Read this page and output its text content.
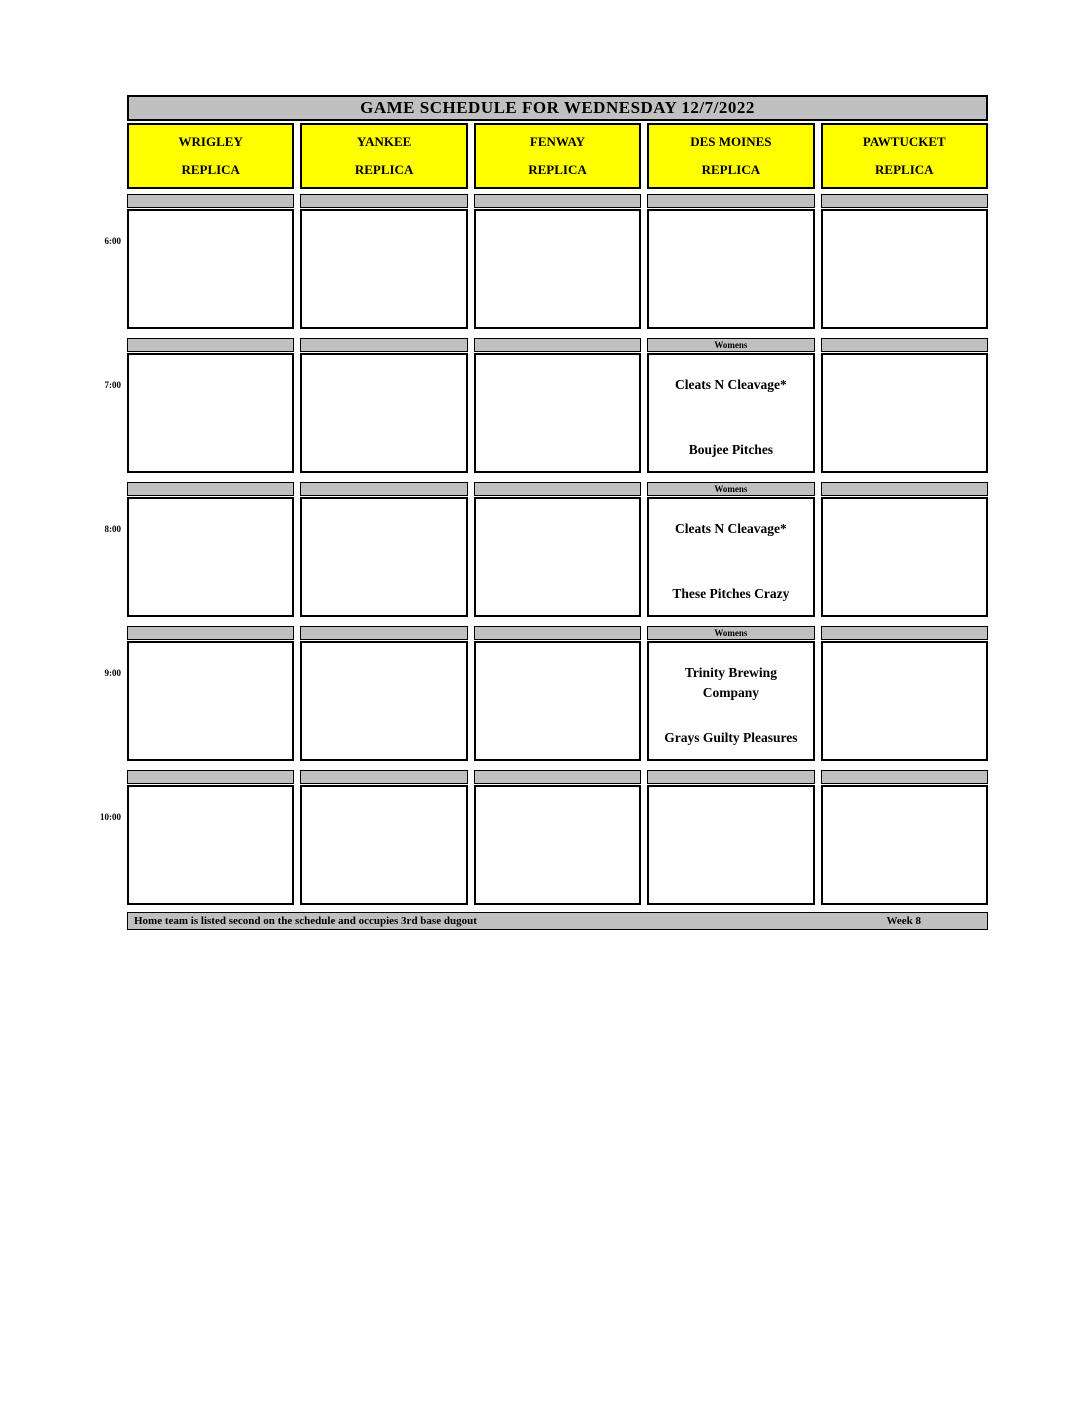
GAME SCHEDULE FOR WEDNESDAY 12/7/2022
WRIGLEY
REPLICA
YANKEE
REPLICA
FENWAY
REPLICA
DES MOINES
REPLICA
PAWTUCKET
REPLICA
6:00
7:00
Womens
Cleats N Cleavage*
Boujee Pitches
8:00
Womens
Cleats N Cleavage*
These Pitches Crazy
9:00
Womens
Trinity Brewing Company
Grays Guilty Pleasures
10:00
Home team is listed second on the schedule and occupies 3rd base dugout	Week 8
